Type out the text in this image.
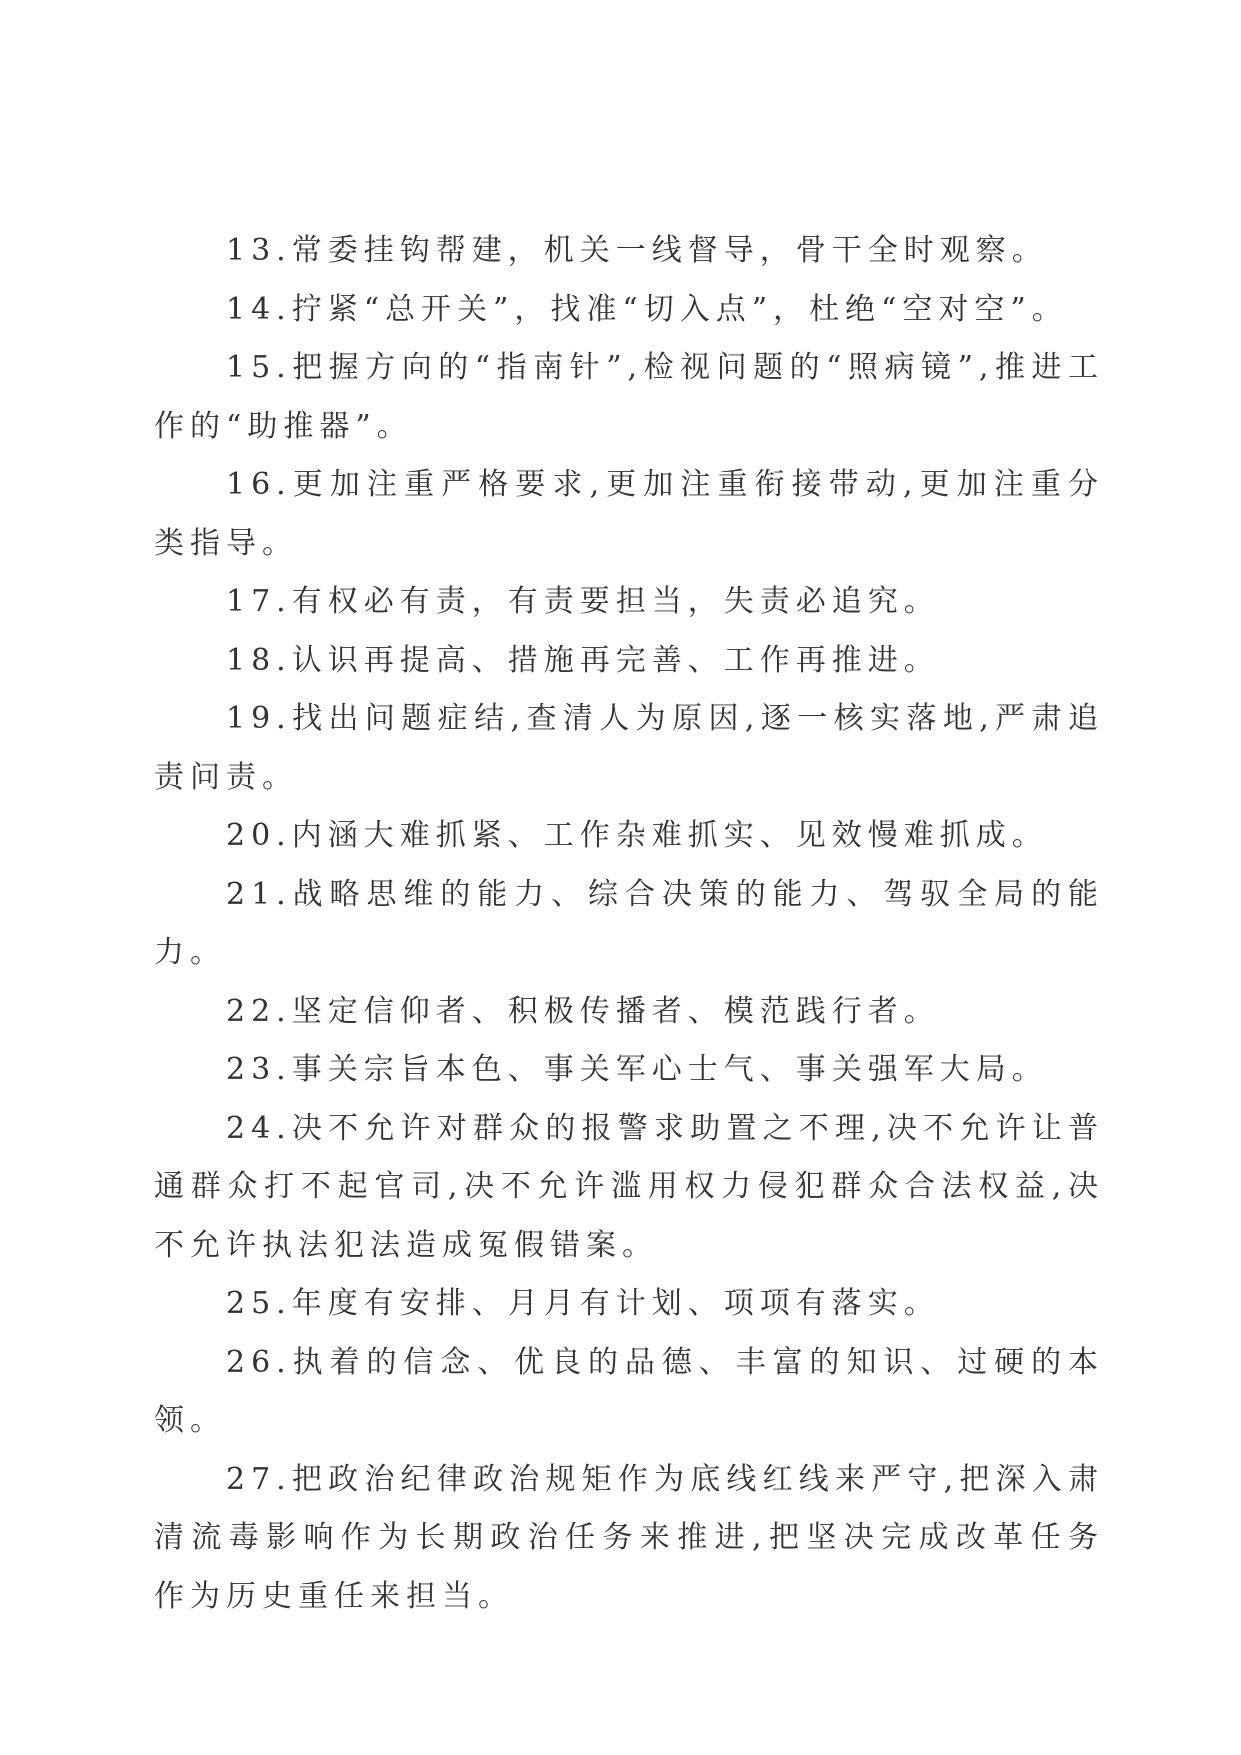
13.常委挂钩帮建，机关一线督导，骨干全时观察。

14.拧紧“总开关”，找准“切入点”，杜绝“空对空”。

15.把握方向的“指南针”,检视问题的“照病镜”,推进工作的“助推器”。

16.更加注重严格要求,更加注重衔接带动,更加注重分类指导。

17.有权必有责，有责要担当，失责必追究。

18.认识再提高、措施再完善、工作再推进。

19.找出问题症结,查清人为原因,逐一核实落地,严肃追责问责。

20.内涵大难抓紧、工作杂难抓实、见效慢难抓成。

21.战略思维的能力、综合决策的能力、驾驭全局的能力。

22.坚定信仰者、积极传播者、模范践行者。

23.事关宗旨本色、事关军心士气、事关强军大局。

24.决不允许对群众的报警求助置之不理,决不允许让普通群众打不起官司,决不允许滥用权力侵犯群众合法权益,决不允许执法犯法造成冤假错案。

25.年度有安排、月月有计划、项项有落实。

26.执着的信念、优良的品德、丰富的知识、过硬的本领。

27.把政治纪律政治规矩作为底线红线来严守,把深入肃清流毒影响作为长期政治任务来推进,把坚决完成改革任务作为历史重任来担当。
